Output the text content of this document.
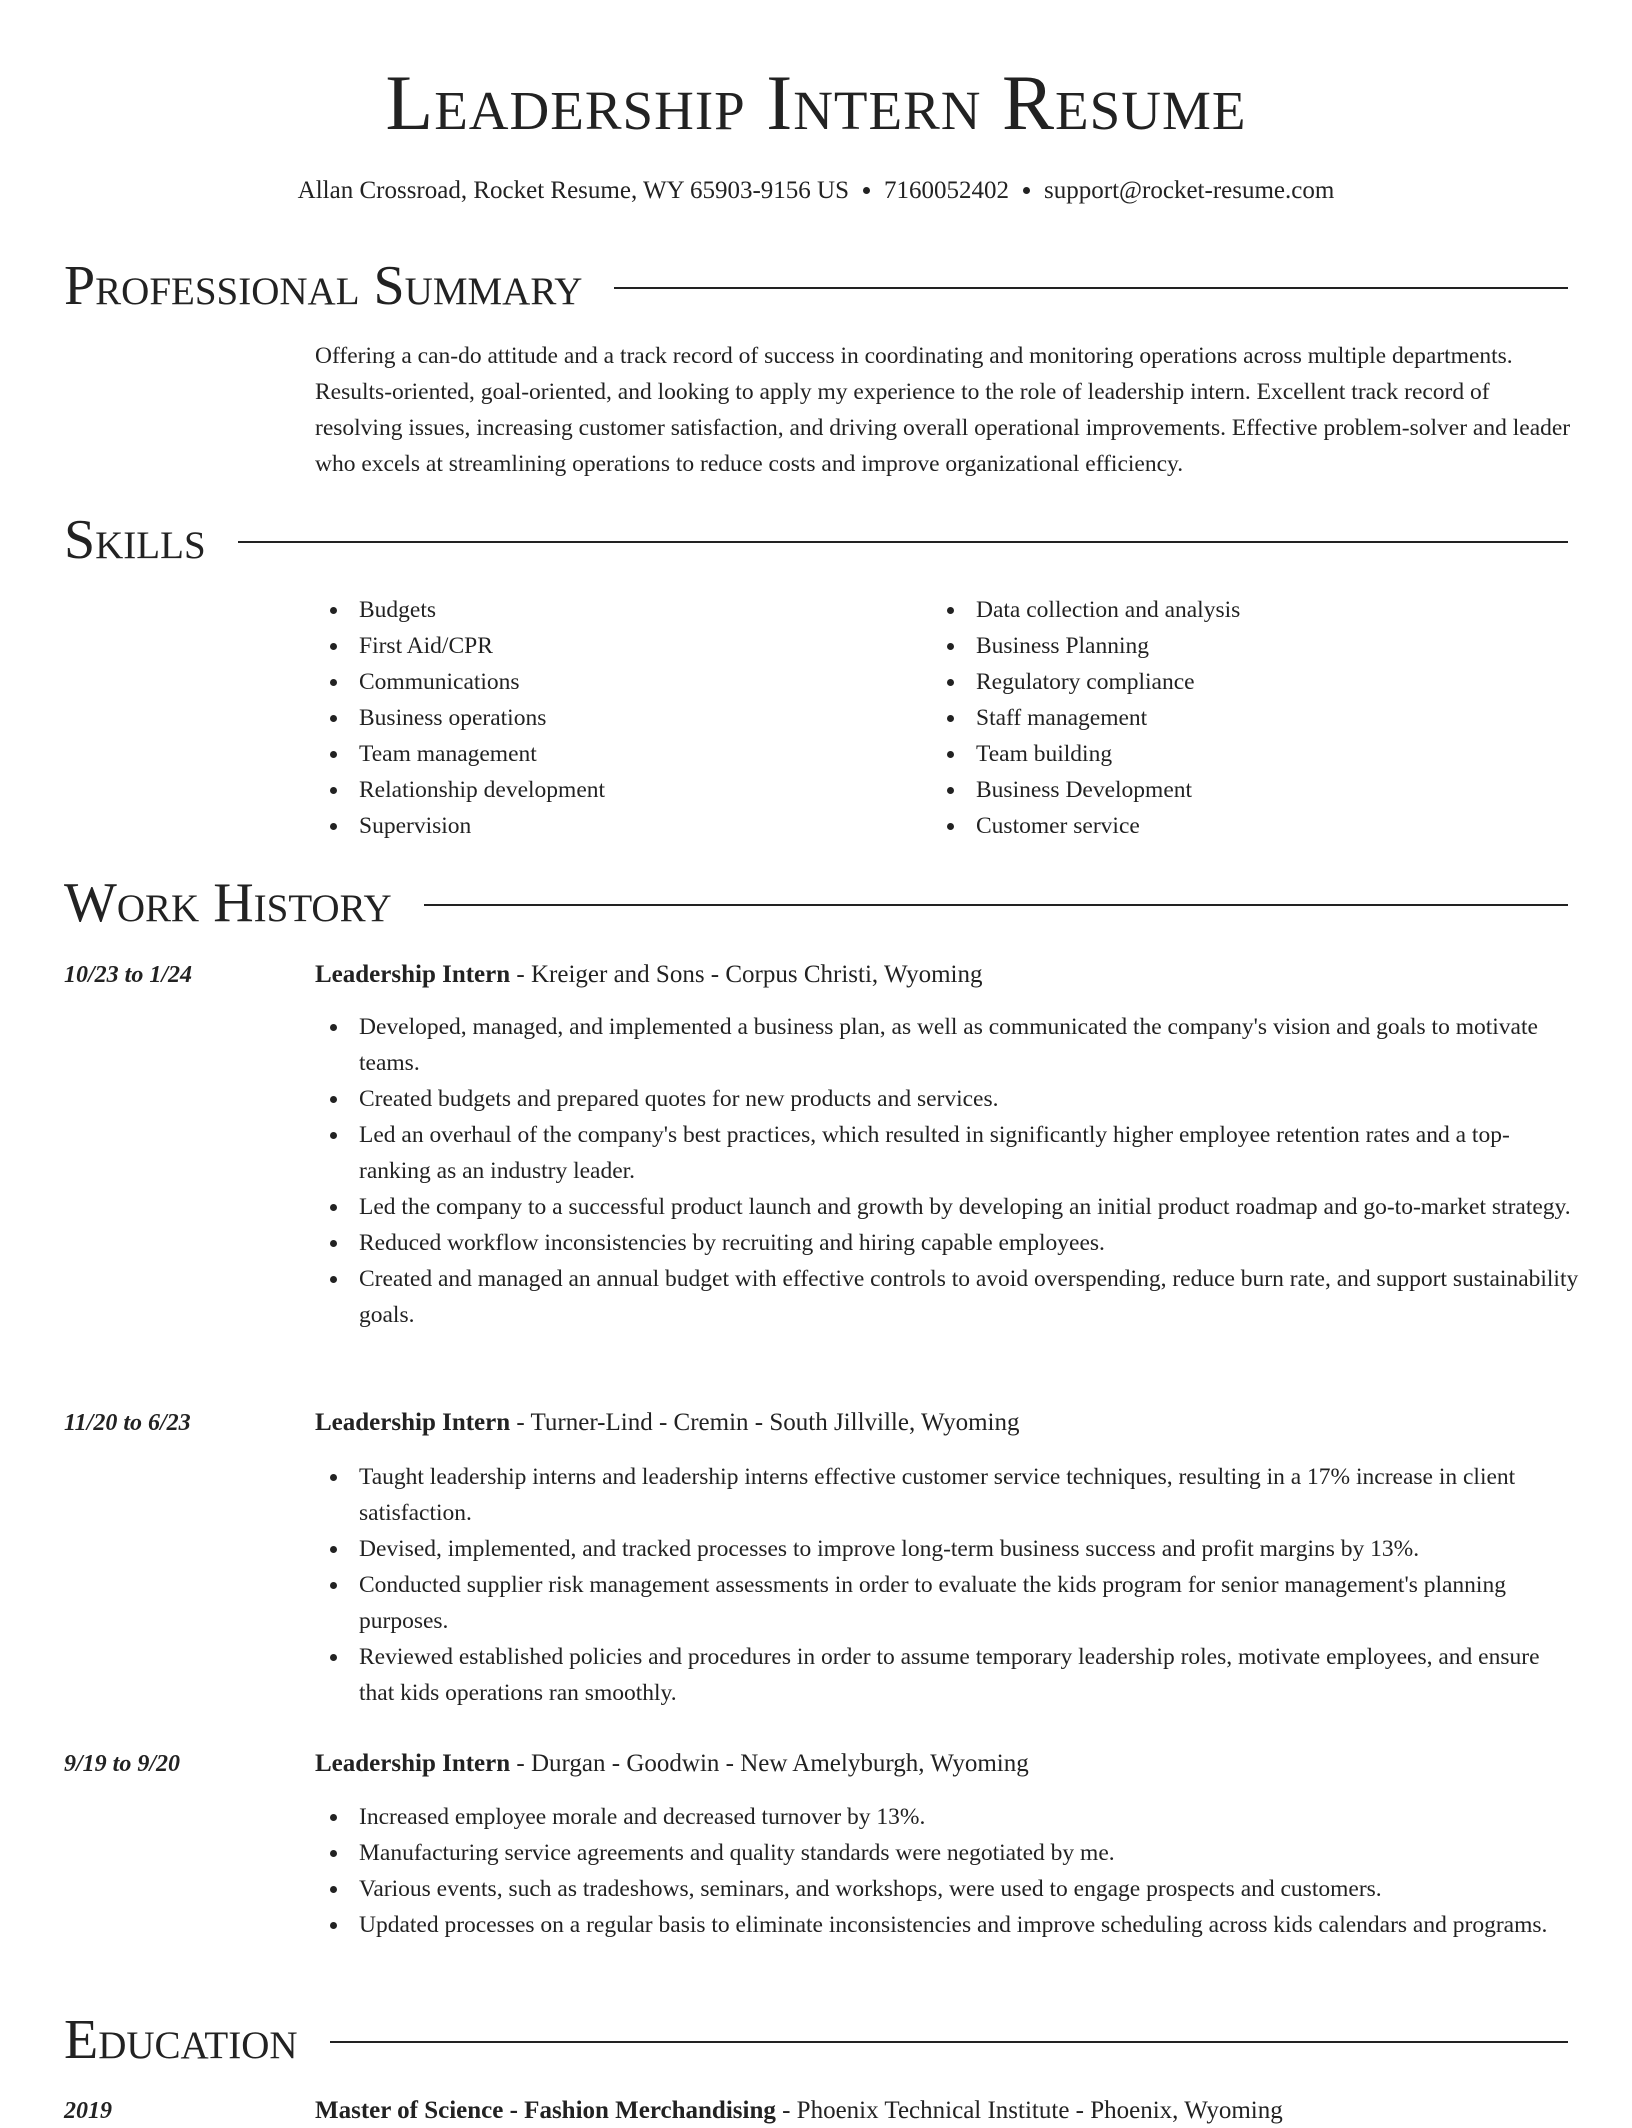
Leadership Intern Resume
Allan Crossroad, Rocket Resume, WY 65903-9156 US 7160052402 support@rocket-resume.com
Professional Summary

Offering a can-do attitude and a track record of success in coordinating and monitoring operations across multiple departments. Results-oriented, goal-oriented, and looking to apply my experience to the role of leadership intern. Excellent track record of resolving issues, increasing customer satisfaction, and driving overall operational improvements. Effective problem-solver and leader who excels at streamlining operations to reduce costs and improve organizational efficiency.

Skills
Budgets
First Aid/CPR
Communications
Business operations
Team management
Relationship development
Supervision
Data collection and analysis
Business Planning
Regulatory compliance
Staff management
Team building
Business Development
Customer service
Work History
10/23 to 1/24	Leadership Intern - Kreiger and Sons - Corpus Christi, Wyoming
Developed, managed, and implemented a business plan, as well as communicated the company's vision and goals to motivate teams.
Created budgets and prepared quotes for new products and services.
Led an overhaul of the company's best practices, which resulted in significantly higher employee retention rates and a top-ranking as an industry leader.
Led the company to a successful product launch and growth by developing an initial product roadmap and go-to-market strategy.
Reduced workflow inconsistencies by recruiting and hiring capable employees.
Created and managed an annual budget with effective controls to avoid overspending, reduce burn rate, and support sustainability goals.
11/20 to 6/23	Leadership Intern - Turner-Lind - Cremin - South Jillville, Wyoming
Taught leadership interns and leadership interns effective customer service techniques, resulting in a 17% increase in client satisfaction.
Devised, implemented, and tracked processes to improve long-term business success and profit margins by 13%.
Conducted supplier risk management assessments in order to evaluate the kids program for senior management's planning purposes.
Reviewed established policies and procedures in order to assume temporary leadership roles, motivate employees, and ensure that kids operations ran smoothly.
9/19 to 9/20	Leadership Intern - Durgan - Goodwin - New Amelyburgh, Wyoming
Increased employee morale and decreased turnover by 13%.
Manufacturing service agreements and quality standards were negotiated by me.
Various events, such as tradeshows, seminars, and workshops, were used to engage prospects and customers.
Updated processes on a regular basis to eliminate inconsistencies and improve scheduling across kids calendars and programs.
Education
2019	Master of Science - Fashion Merchandising - Phoenix Technical Institute - Phoenix, Wyoming
